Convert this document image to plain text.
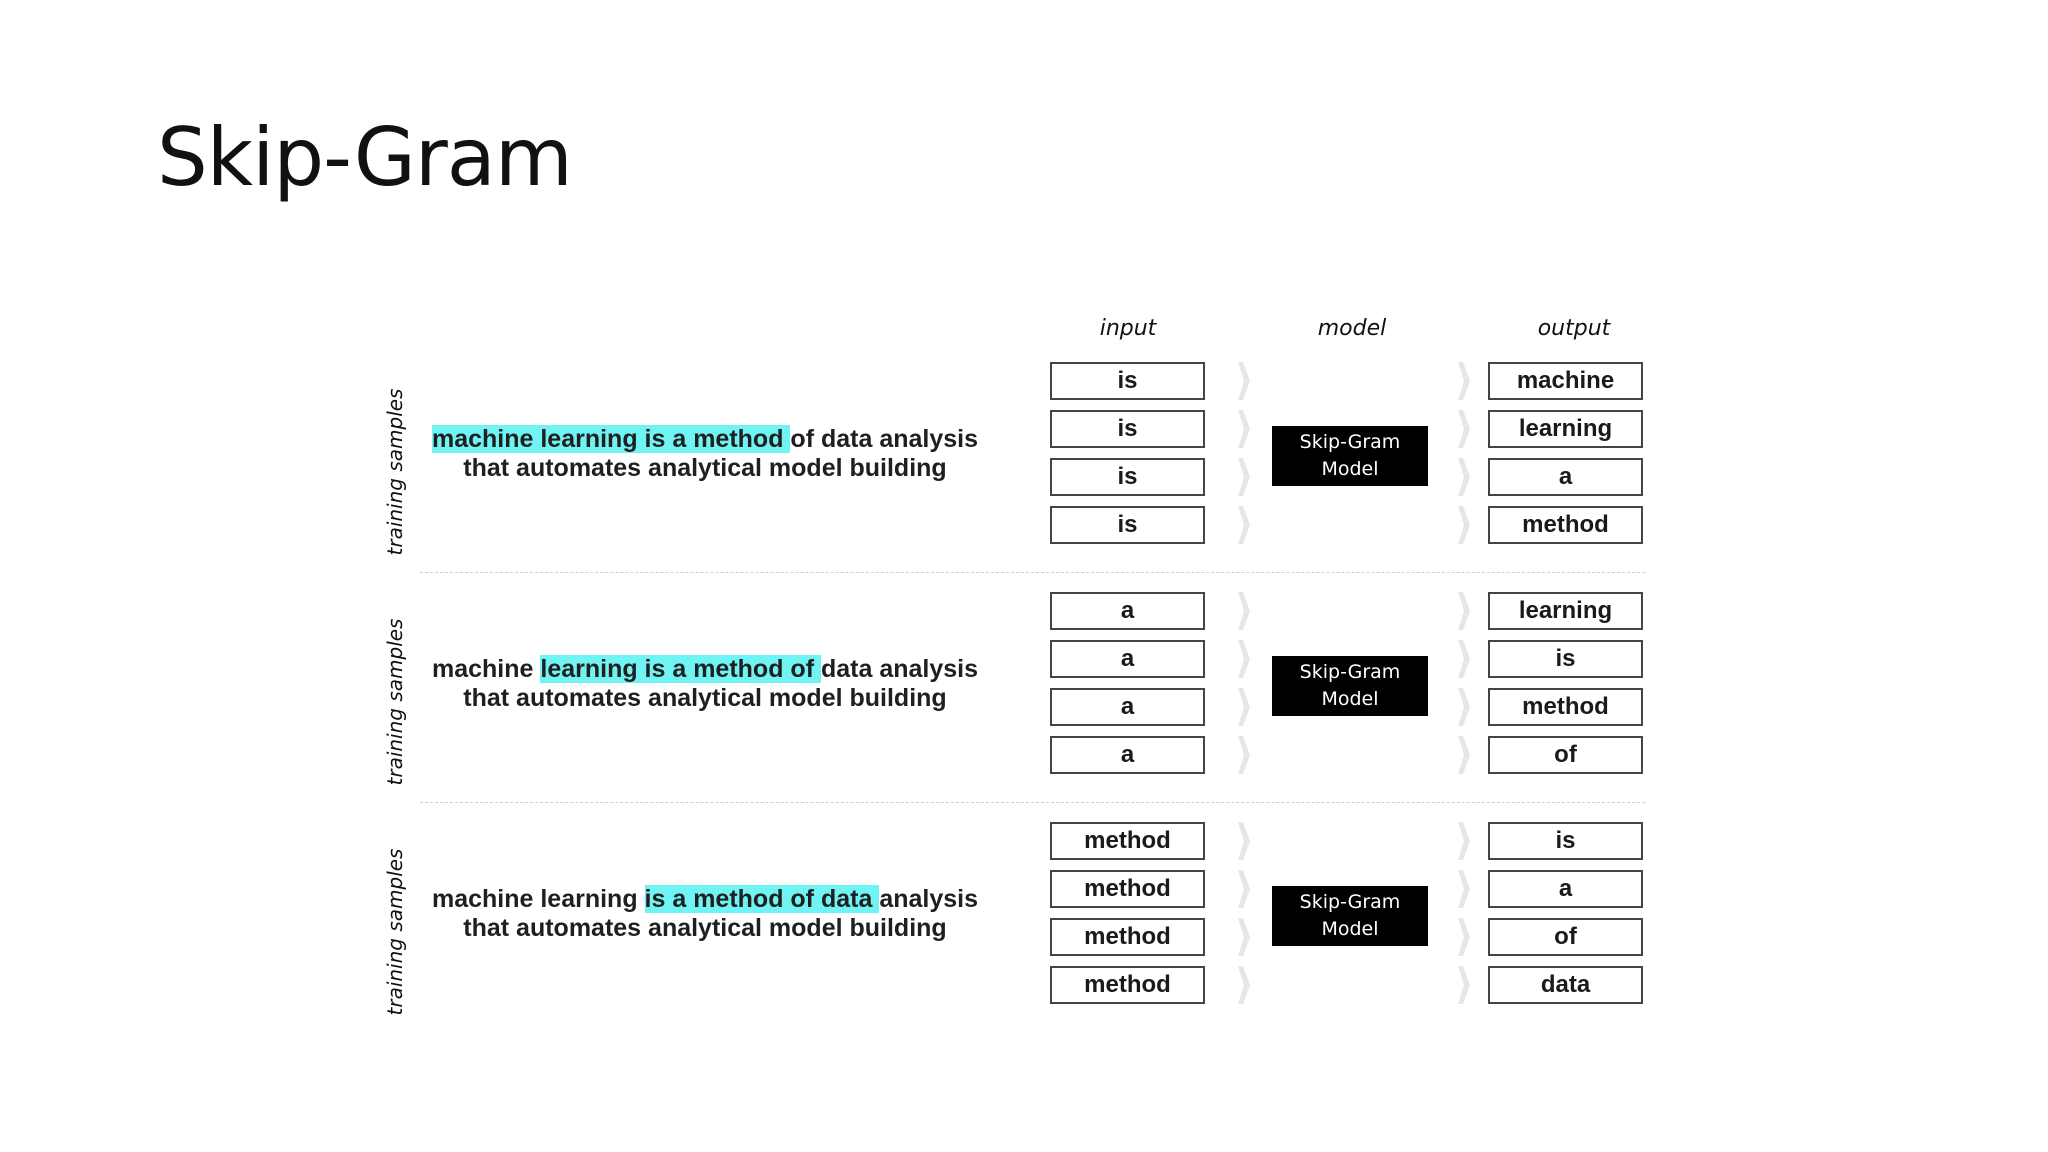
Skip-Gram
input	model	output
training samples machine learning is a method of data analysis
that automates analytical model building
is
is
is
is
Skip-Gram
Model
machine
learning
a
method
training samples machine learning is a method of data analysis
that automates analytical model building
a
a
a
a
Skip-Gram
Model
learning
is
method
of
training samples machine learning is a method of data analysis
that automates analytical model building
method
method
method
method
Skip-Gram
Model
is
a
of
data
